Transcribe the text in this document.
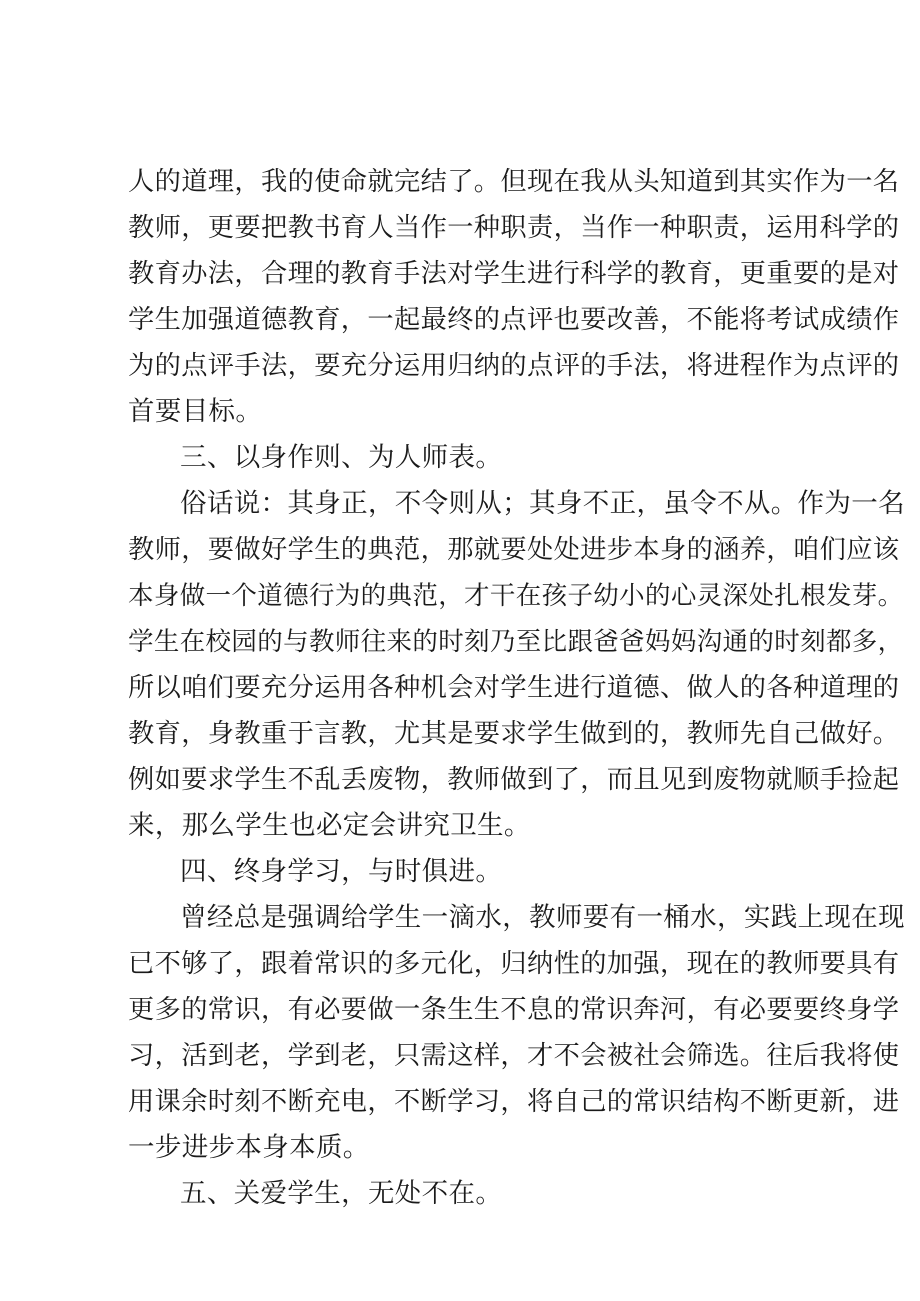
人的道理，我的使命就完结了。但现在我从头知道到其实作为一名
教师，更要把教书育人当作一种职责，当作一种职责，运用科学的
教育办法，合理的教育手法对学生进行科学的教育，更重要的是对
学生加强道德教育，一起最终的点评也要改善，不能将考试成绩作
为的点评手法，要充分运用归纳的点评的手法，将进程作为点评的
首要目标。
三、以身作则、为人师表。
俗话说：其身正，不令则从；其身不正，虽令不从。作为一名
教师，要做好学生的典范，那就要处处进步本身的涵养，咱们应该
本身做一个道德行为的典范，才干在孩子幼小的心灵深处扎根发芽。
学生在校园的与教师往来的时刻乃至比跟爸爸妈妈沟通的时刻都多，
所以咱们要充分运用各种机会对学生进行道德、做人的各种道理的
教育，身教重于言教，尤其是要求学生做到的，教师先自己做好。
例如要求学生不乱丢废物，教师做到了，而且见到废物就顺手捡起
来，那么学生也必定会讲究卫生。
四、终身学习，与时俱进。
曾经总是强调给学生一滴水，教师要有一桶水，实践上现在现
已不够了，跟着常识的多元化，归纳性的加强，现在的教师要具有
更多的常识，有必要做一条生生不息的常识奔河，有必要要终身学
习，活到老，学到老，只需这样，才不会被社会筛选。往后我将使
用课余时刻不断充电，不断学习，将自己的常识结构不断更新，进
一步进步本身本质。
五、关爱学生，无处不在。
